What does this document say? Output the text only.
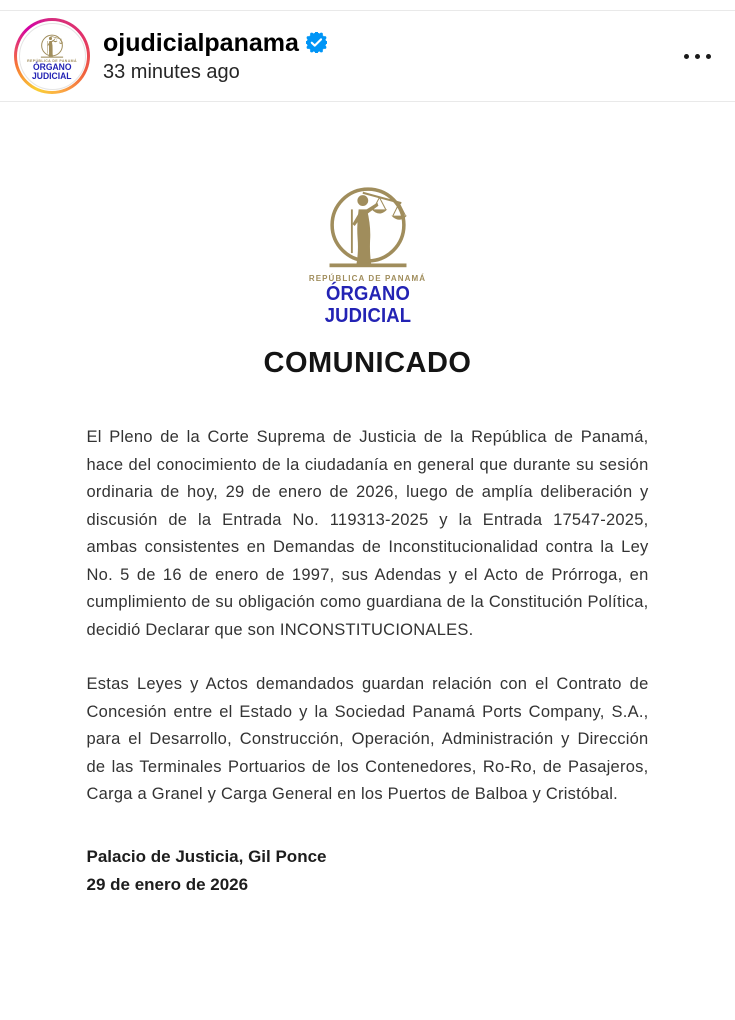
REPÚBLICA DE PANAMÁ
ÓRGANO
JUDICIAL
ojudicialpanama
33 minutes ago
REPÚBLICA DE PANAMÁ
ÓRGANO
JUDICIAL
COMUNICADO

El Pleno de la Corte Suprema de Justicia de la República de Panamá, hace del conocimiento de la ciudadanía en general que durante su sesión ordinaria de hoy, 29 de enero de 2026, luego de amplía deliberación y discusión de la Entrada No. 119313-2025 y la Entrada 17547-2025, ambas consistentes en Demandas de Inconstitucionalidad contra la Ley No. 5 de 16 de enero de 1997, sus Adendas y el Acto de Prórroga, en cumplimiento de su obligación como guardiana de la Constitución Política, decidió Declarar que son INCONSTITUCIONALES.

Estas Leyes y Actos demandados guardan relación con el Contrato de Concesión entre el Estado y la Sociedad Panamá Ports Company, S.A., para el Desarrollo, Construcción, Operación, Administración y Dirección de las Terminales Portuarios de los Contenedores, Ro-Ro, de Pasajeros, Carga a Granel y Carga General en los Puertos de Balboa y Cristóbal.

Palacio de Justicia, Gil Ponce
29 de enero de 2026
